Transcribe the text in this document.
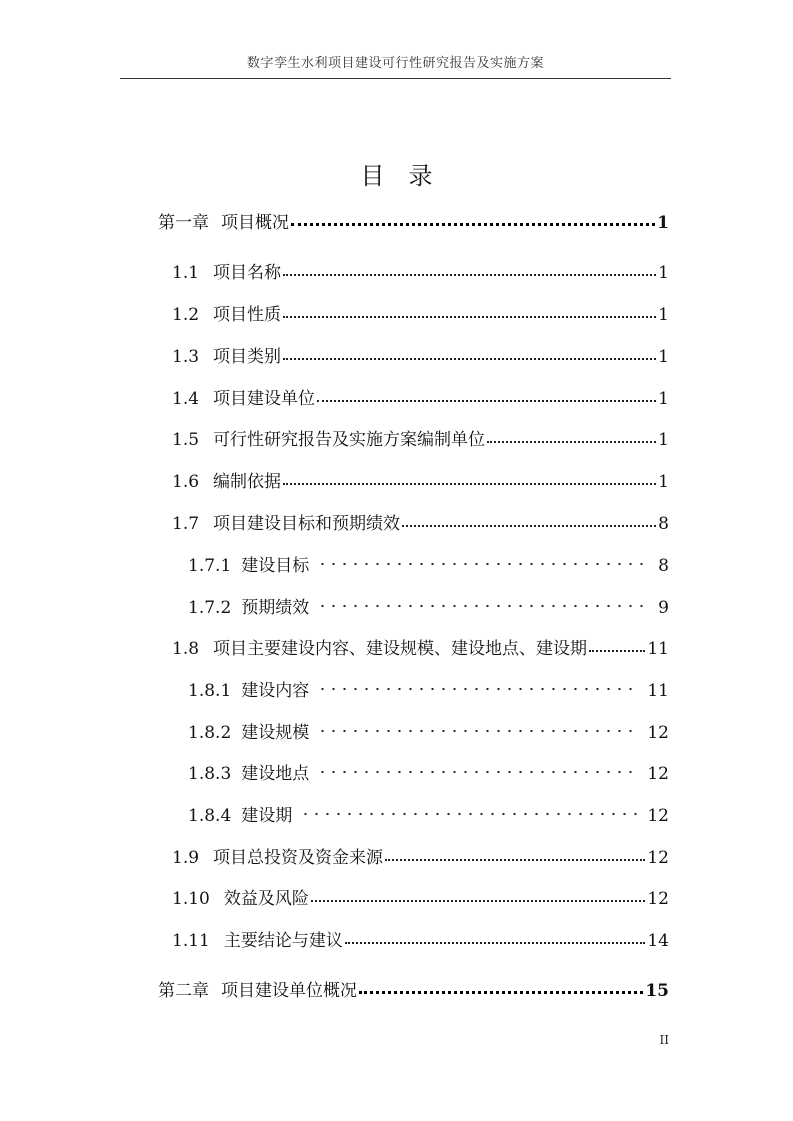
数字孪生水利项目建设可行性研究报告及实施方案
目录
第一章 项目概况	1
1.1 项目名称	1
1.2 项目性质	1
1.3 项目类别	1
1.4 项目建设单位	1
1.5 可行性研究报告及实施方案编制单位	1
1.6 编制依据	1
1.7 项目建设目标和预期绩效	8
1.7.1 建设目标	8
1.7.2 预期绩效	9
1.8 项目主要建设内容、建设规模、建设地点、建设期	11
1.8.1 建设内容	11
1.8.2 建设规模	12
1.8.3 建设地点	12
1.8.4 建设期	12
1.9 项目总投资及资金来源	12
1.10 效益及风险	12
1.11 主要结论与建议	14
第二章 项目建设单位概况	15
II
